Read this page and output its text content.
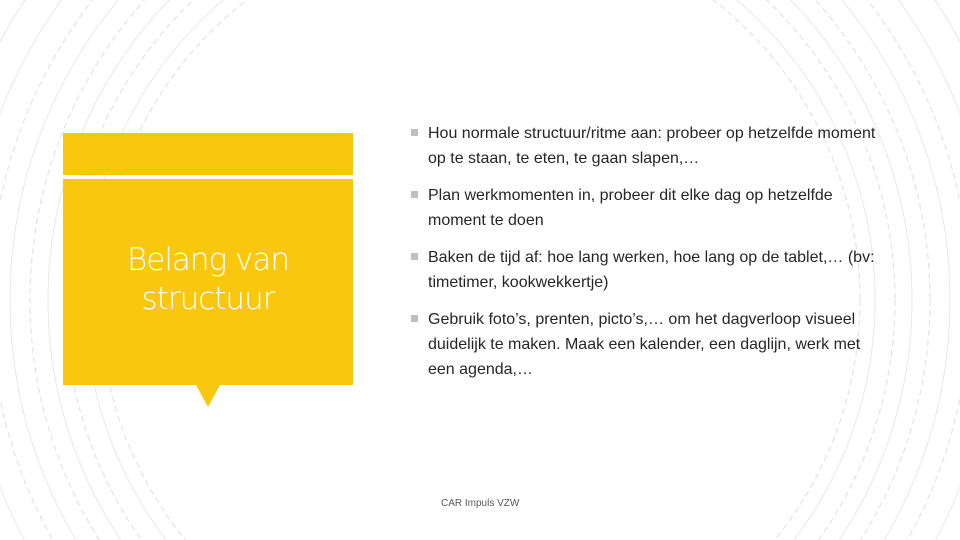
Belang van structuur
Hou normale structuur/ritme aan: probeer op hetzelfde moment op te staan, te eten, te gaan slapen,…
Plan werkmomenten in, probeer dit elke dag op hetzelfde moment te doen
Baken de tijd af: hoe lang werken, hoe lang op de tablet,… (bv: timetimer, kookwekkertje)
Gebruik foto’s, prenten, picto’s,… om het dagverloop visueel duidelijk te maken. Maak een kalender, een daglijn, werk met een agenda,…
CAR Impuls VZW
